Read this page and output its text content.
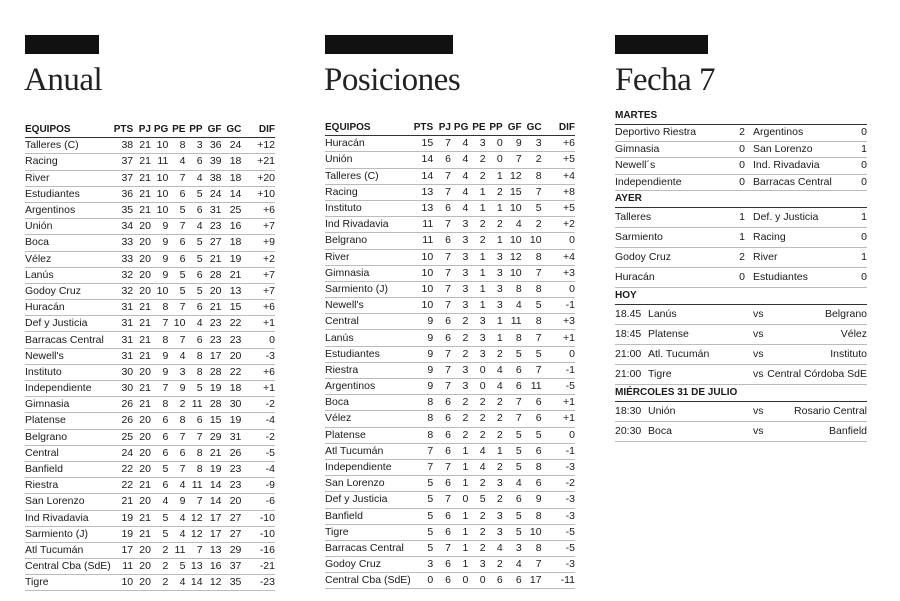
Anual
EQUIPOS	PTS	PJ	PG	PE	PP	GF	GC	DIF
Talleres (C)	38	21	10	8	3	36	24	+12
Racing	37	21	11	4	6	39	18	+21
River	37	21	10	7	4	38	18	+20
Estudiantes	36	21	10	6	5	24	14	+10
Argentinos	35	21	10	5	6	31	25	+6
Unión	34	20	9	7	4	23	16	+7
Boca	33	20	9	6	5	27	18	+9
Vélez	33	20	9	6	5	21	19	+2
Lanús	32	20	9	5	6	28	21	+7
Godoy Cruz	32	20	10	5	5	20	13	+7
Huracán	31	21	8	7	6	21	15	+6
Def y Justicia	31	21	7	10	4	23	22	+1
Barracas Central	31	21	8	7	6	23	23	0
Newell's	31	21	9	4	8	17	20	-3
Instituto	30	20	9	3	8	28	22	+6
Independiente	30	21	7	9	5	19	18	+1
Gimnasia	26	21	8	2	11	28	30	-2
Platense	26	20	6	8	6	15	19	-4
Belgrano	25	20	6	7	7	29	31	-2
Central	24	20	6	6	8	21	26	-5
Banfield	22	20	5	7	8	19	23	-4
Riestra	22	21	6	4	11	14	23	-9
San Lorenzo	21	20	4	9	7	14	20	-6
Ind Rivadavia	19	21	5	4	12	17	27	-10
Sarmiento (J)	19	21	5	4	12	17	27	-10
Atl Tucumán	17	20	2	11	7	13	29	-16
Central Cba (SdE)	11	20	2	5	13	16	37	-21
Tigre	10	20	2	4	14	12	35	-23
Posiciones
EQUIPOS	PTS	PJ	PG	PE	PP	GF	GC	DIF
Huracán	15	7	4	3	0	9	3	+6
Unión	14	6	4	2	0	7	2	+5
Talleres (C)	14	7	4	2	1	12	8	+4
Racing	13	7	4	1	2	15	7	+8
Instituto	13	6	4	1	1	10	5	+5
Ind Rivadavia	11	7	3	2	2	4	2	+2
Belgrano	11	6	3	2	1	10	10	0
River	10	7	3	1	3	12	8	+4
Gimnasia	10	7	3	1	3	10	7	+3
Sarmiento (J)	10	7	3	1	3	8	8	0
Newell's	10	7	3	1	3	4	5	-1
Central	9	6	2	3	1	11	8	+3
Lanús	9	6	2	3	1	8	7	+1
Estudiantes	9	7	2	3	2	5	5	0
Riestra	9	7	3	0	4	6	7	-1
Argentinos	9	7	3	0	4	6	11	-5
Boca	8	6	2	2	2	7	6	+1
Vélez	8	6	2	2	2	7	6	+1
Platense	8	6	2	2	2	5	5	0
Atl Tucumán	7	6	1	4	1	5	6	-1
Independiente	7	7	1	4	2	5	8	-3
San Lorenzo	5	6	1	2	3	4	6	-2
Def y Justicia	5	7	0	5	2	6	9	-3
Banfield	5	6	1	2	3	5	8	-3
Tigre	5	6	1	2	3	5	10	-5
Barracas Central	5	7	1	2	4	3	8	-5
Godoy Cruz	3	6	1	3	2	4	7	-3
Central Cba (SdE)	0	6	0	0	6	6	17	-11
Fecha 7
MARTES
Deportivo Riestra	2 Argentinos	0
Gimnasia	0 San Lorenzo	1
Newell´s	0 Ind. Rivadavia	0
Independiente	0 Barracas Central	0
AYER
Talleres	1 Def. y Justicia	1
Sarmiento	1 Racing	0
Godoy Cruz	2 River	1
Huracán	0 Estudiantes	0
HOY
18.45 Lanús	vs	Belgrano
18:45 Platense	vs	Vélez
21:00 Atl. Tucumán	vs	Instituto
21:00 Tigre	vs Central Córdoba SdE
MIÉRCOLES 31 DE JULIO
18:30 Unión	vs	Rosario Central
20:30 Boca	vs	Banfield
